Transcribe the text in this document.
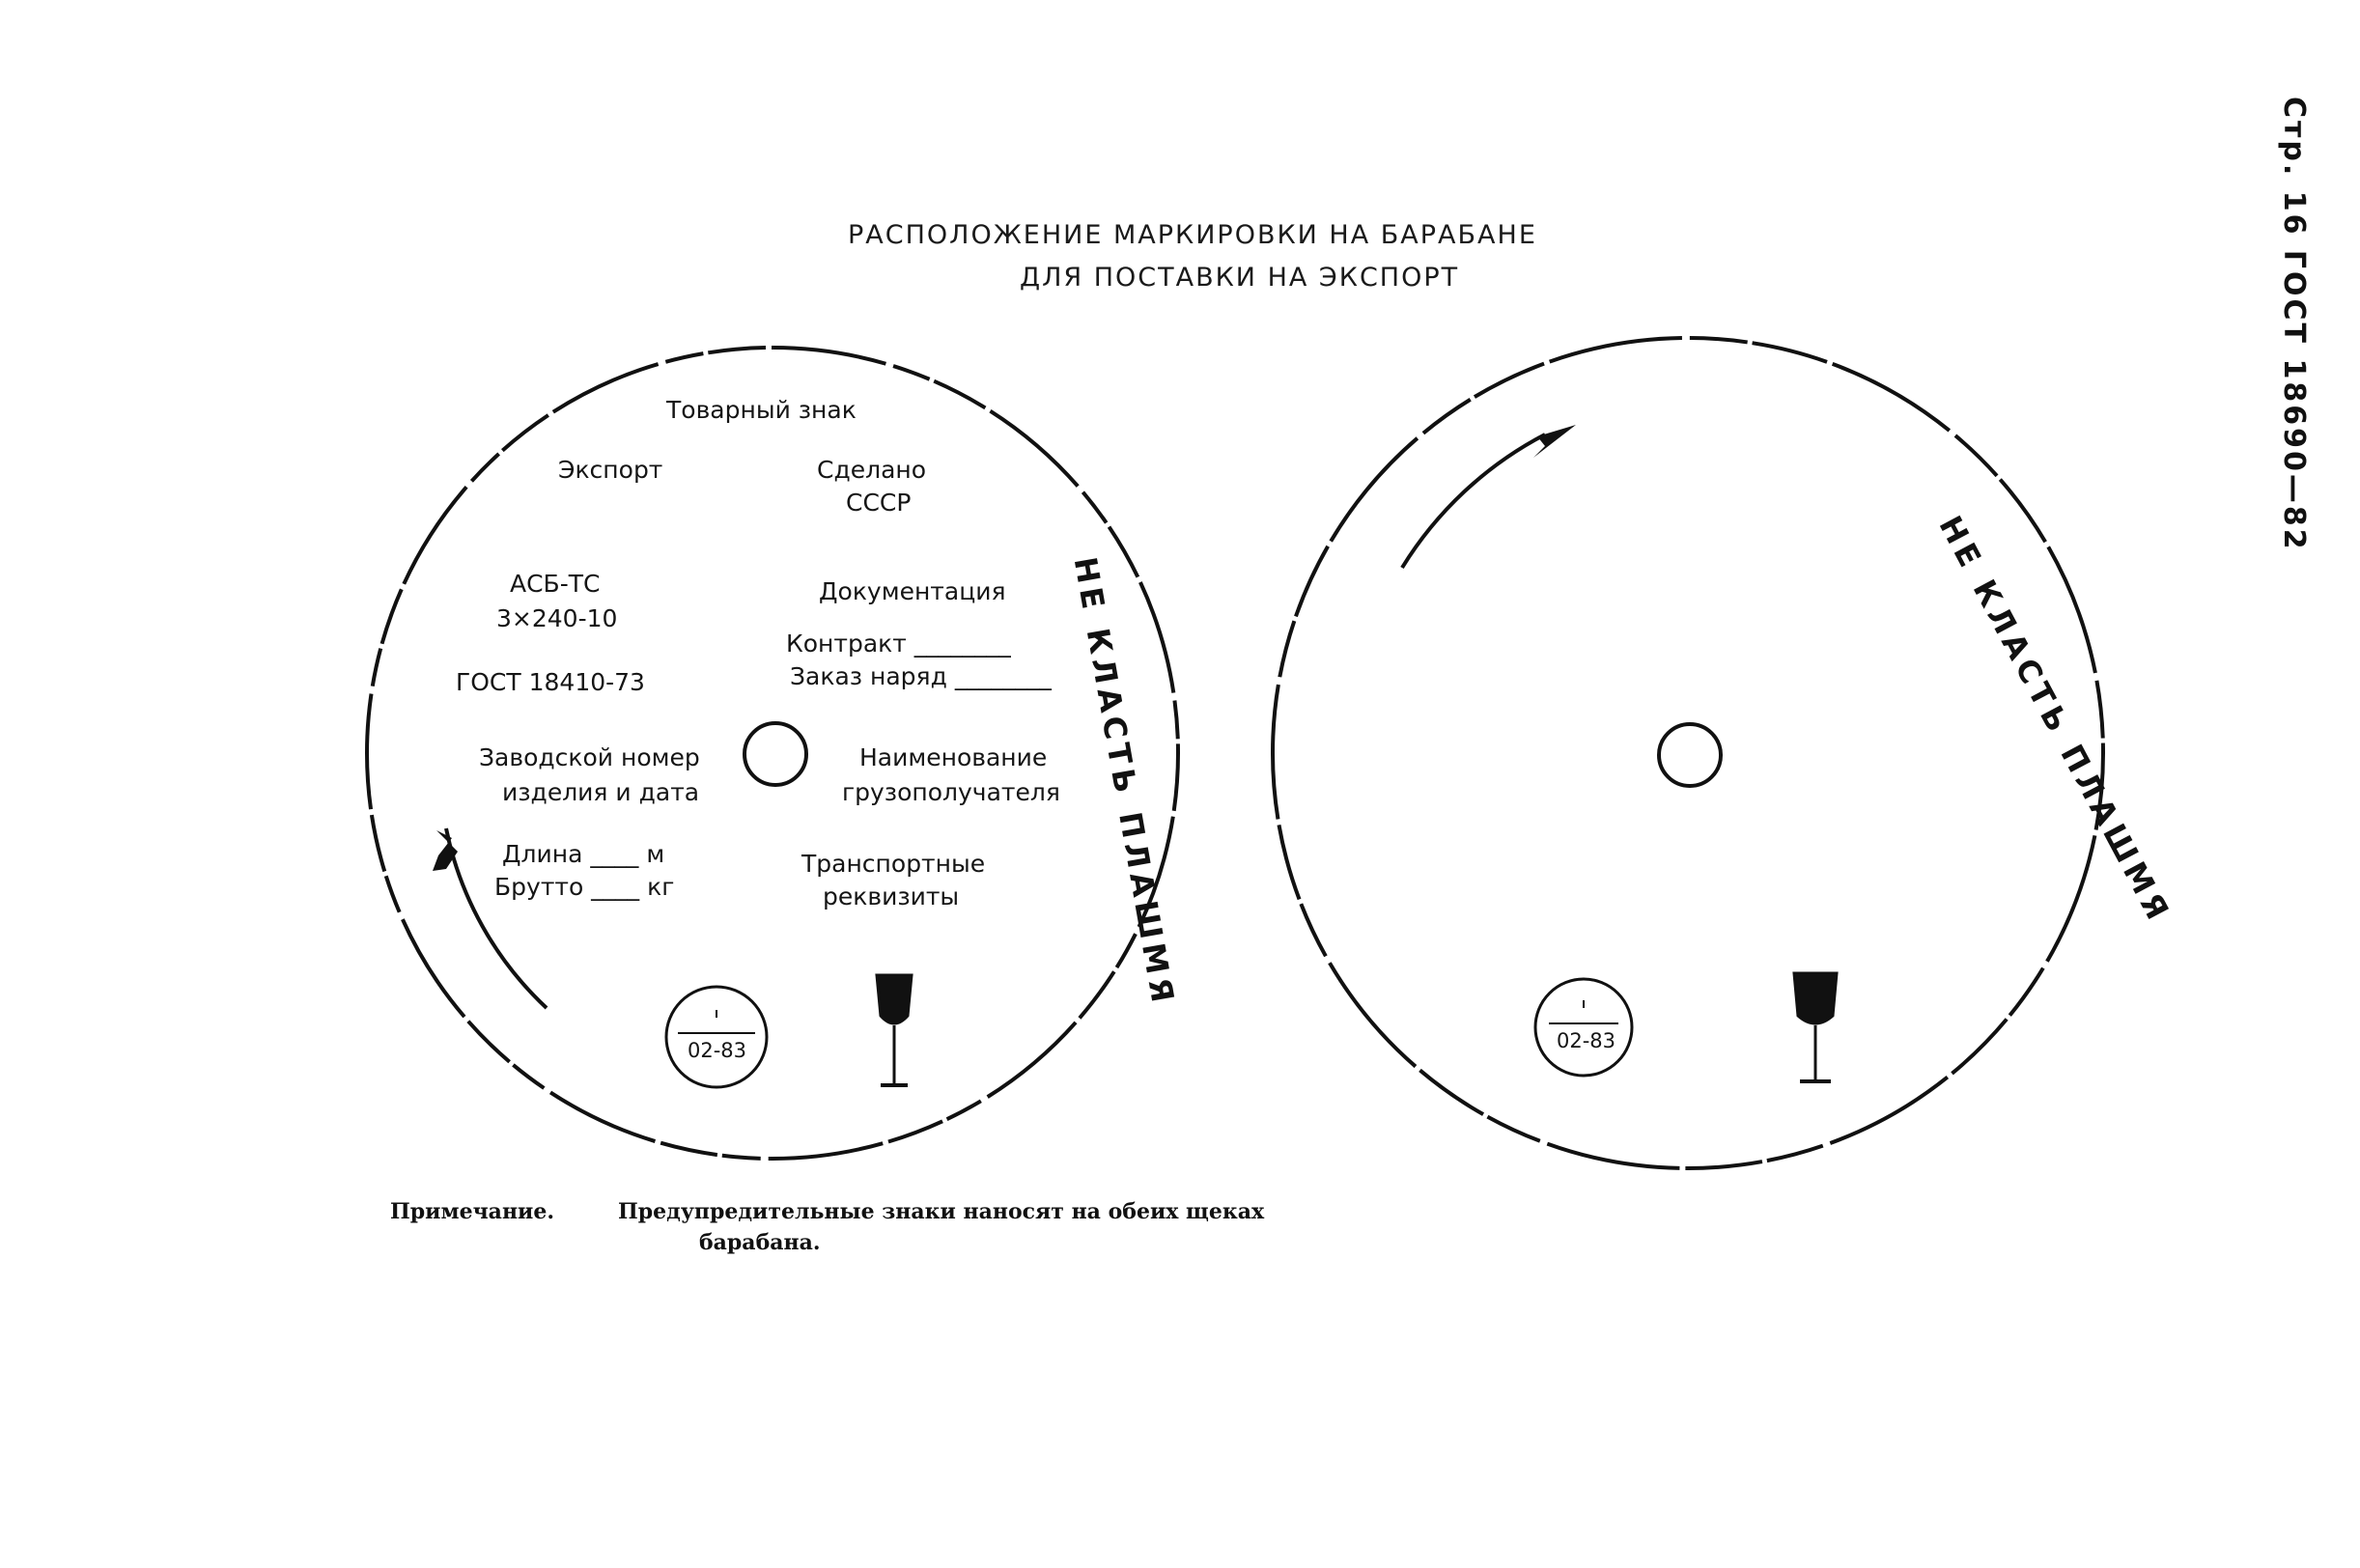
РАСПОЛОЖЕНИЕ МАРКИРОВКИ НА БАРАБАНЕ
ДЛЯ ПОСТАВКИ НА ЭКСПОРТ	Стр. 16 ГОСТ 18690—82
Товарный знак
Экспорт	Сделано
СССР
АСБ-ТС
3×240-10
ГОСТ 18410-73
Документация
Контракт ________
Заказ наряд ________
Заводской номер
изделия и дата
Наименование
грузополучателя
Длина ____ м
Брутто ____ кг
Транспортные
реквизиты
02-83
НЕ КЛАСТЬ ПЛАШМЯ	НЕ КЛАСТЬ ПЛАШМЯ
02-83
Примечание.	Предупредительные знаки наносят на обеих щеках
барабана.
